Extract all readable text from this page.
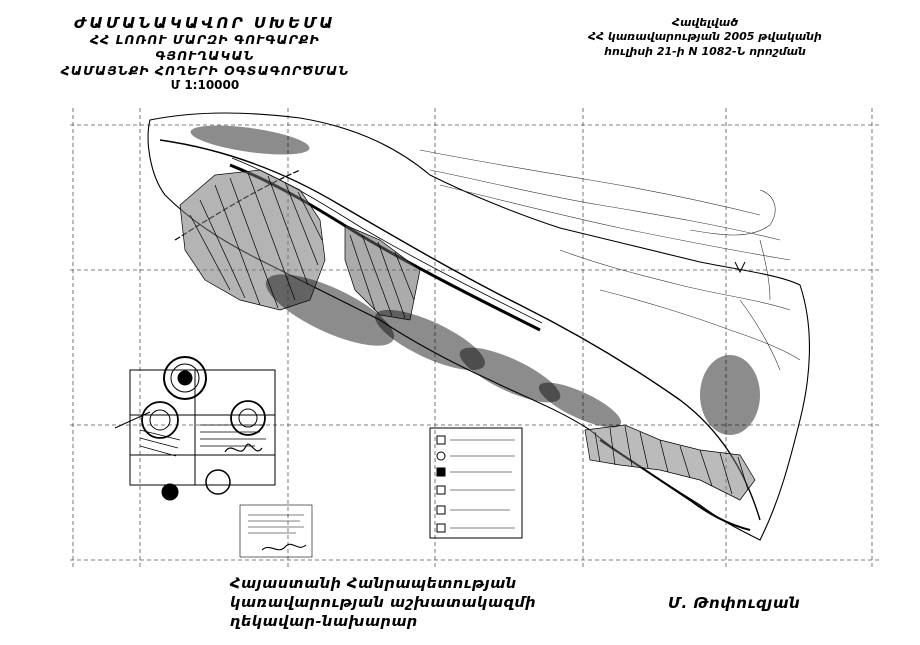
ԺԱՄԱՆԱԿԱՎՈՐ ՍԽԵՄԱ
ՀՀ ԼՈՌՈՒ ՄԱՐԶԻ ԳՈՒԳԱՐՔԻ ԳՅՈՒՂԱԿԱՆ
ՀԱՄԱՅՆՔԻ ՀՈՂԵՐԻ ՕԳՏԱԳՈՐԾՄԱՆ
Մ 1:10000
Հավելված
ՀՀ կառավարության 2005 թվականի
հուլիսի 21-ի N 1082-Ն որոշման
Հայաստանի Հանրապետության
կառավարության աշխատակազմի
ղեկավար-նախարար
Մ. Թոփուզյան
